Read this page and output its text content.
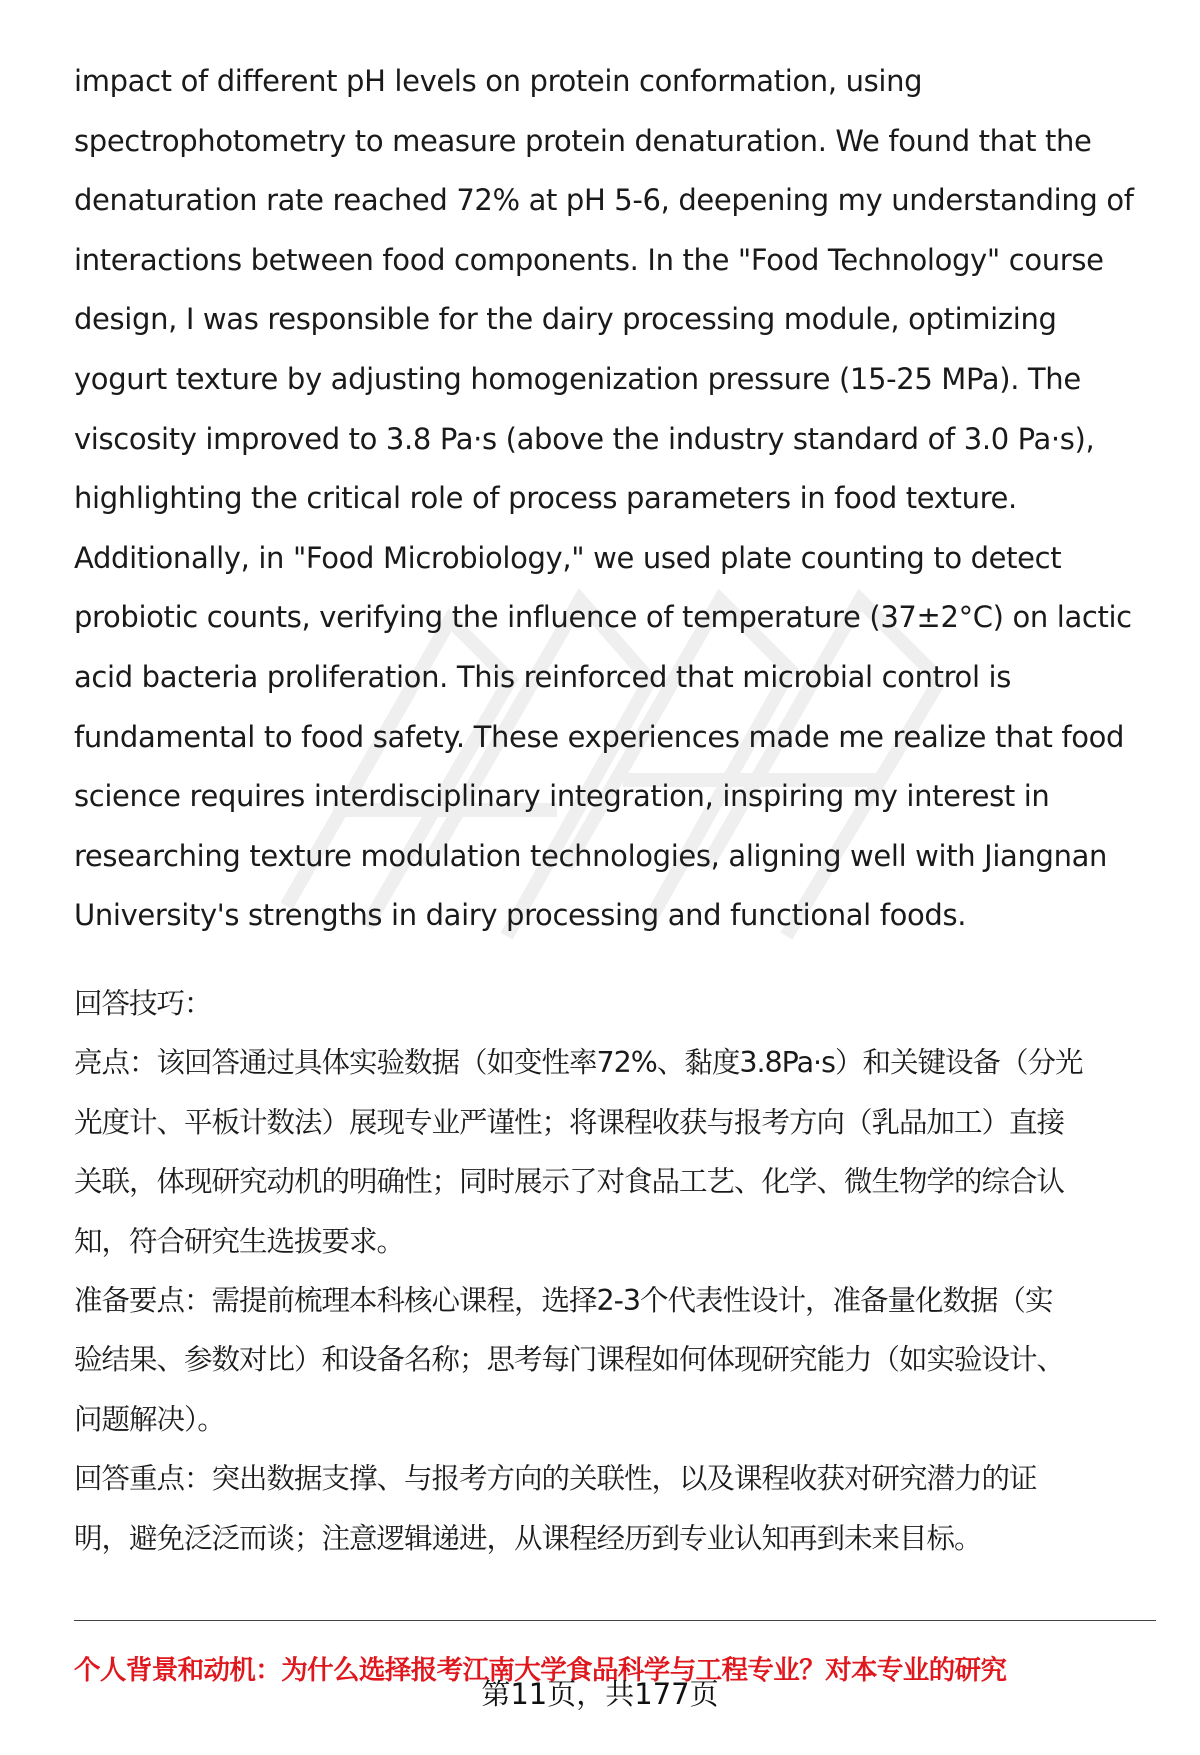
impact of different pH levels on protein conformation, using
spectrophotometry to measure protein denaturation. We found that the
denaturation rate reached 72% at pH 5-6, deepening my understanding of
interactions between food components. In the "Food Technology" course
design, I was responsible for the dairy processing module, optimizing
yogurt texture by adjusting homogenization pressure (15-25 MPa). The
viscosity improved to 3.8 Pa·s (above the industry standard of 3.0 Pa·s),
highlighting the critical role of process parameters in food texture.
Additionally, in "Food Microbiology," we used plate counting to detect
probiotic counts, verifying the influence of temperature (37±2°C) on lactic
acid bacteria proliferation. This reinforced that microbial control is
fundamental to food safety. These experiences made me realize that food
science requires interdisciplinary integration, inspiring my interest in
researching texture modulation technologies, aligning well with Jiangnan
University's strengths in dairy processing and functional foods.
回答技巧：
亮点：该回答通过具体实验数据（如变性率72%、黏度3.8Pa·s）和关键设备（分光
光度计、平板计数法）展现专业严谨性；将课程收获与报考方向（乳品加工）直接
关联，体现研究动机的明确性；同时展示了对食品工艺、化学、微生物学的综合认
知，符合研究生选拔要求。
准备要点：需提前梳理本科核心课程，选择2-3个代表性设计，准备量化数据（实
验结果、参数对比）和设备名称；思考每门课程如何体现研究能力（如实验设计、
问题解决）。
回答重点：突出数据支撑、与报考方向的关联性，以及课程收获对研究潜力的证
明，避免泛泛而谈；注意逻辑递进，从课程经历到专业认知再到未来目标。
个人背景和动机：为什么选择报考江南大学食品科学与工程专业？对本专业的研究
第11页，共177页
